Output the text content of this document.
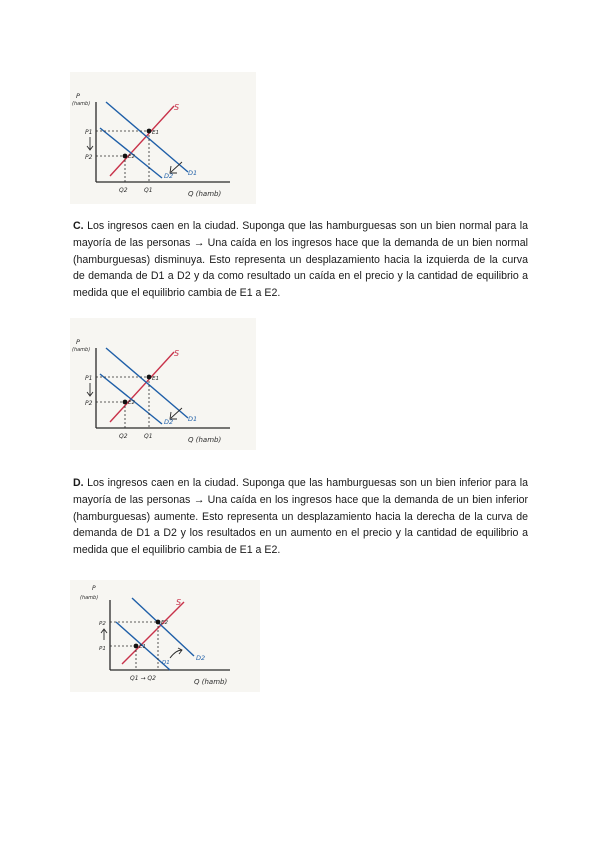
P
(hamb)	S
D1
D2
E1
E2
P1
P2
Q2	Q1	Q (hamb)

C. Los ingresos caen en la ciudad. Suponga que las hamburguesas son un bien normal para la mayoría de las personas → Una caída en los ingresos hace que la demanda de un bien normal (hamburguesas) disminuya. Esto representa un desplazamiento hacia la izquierda de la curva de demanda de D1 a D2 y da como resultado un caída en el precio y la cantidad de equilibrio a medida que el equilibrio cambia de E1 a E2.

P
(hamb)	S
D1
D2
E1
E2
P1
P2
Q2	Q1	Q (hamb)

D. Los ingresos caen en la ciudad. Suponga que las hamburguesas son un bien inferior para la mayoría de las personas → Una caída en los ingresos hace que la demanda de un bien inferior (hamburguesas) aumente. Esto representa un desplazamiento hacia la derecha de la curva de demanda de D1 a D2 y los resultados en un aumento en el precio y la cantidad de equilibrio a medida que el equilibrio cambia de E1 a E2.

P
(hamb)	S
D1
D2
E2
E1
P2
P1
Q1 → Q2	Q (hamb)
